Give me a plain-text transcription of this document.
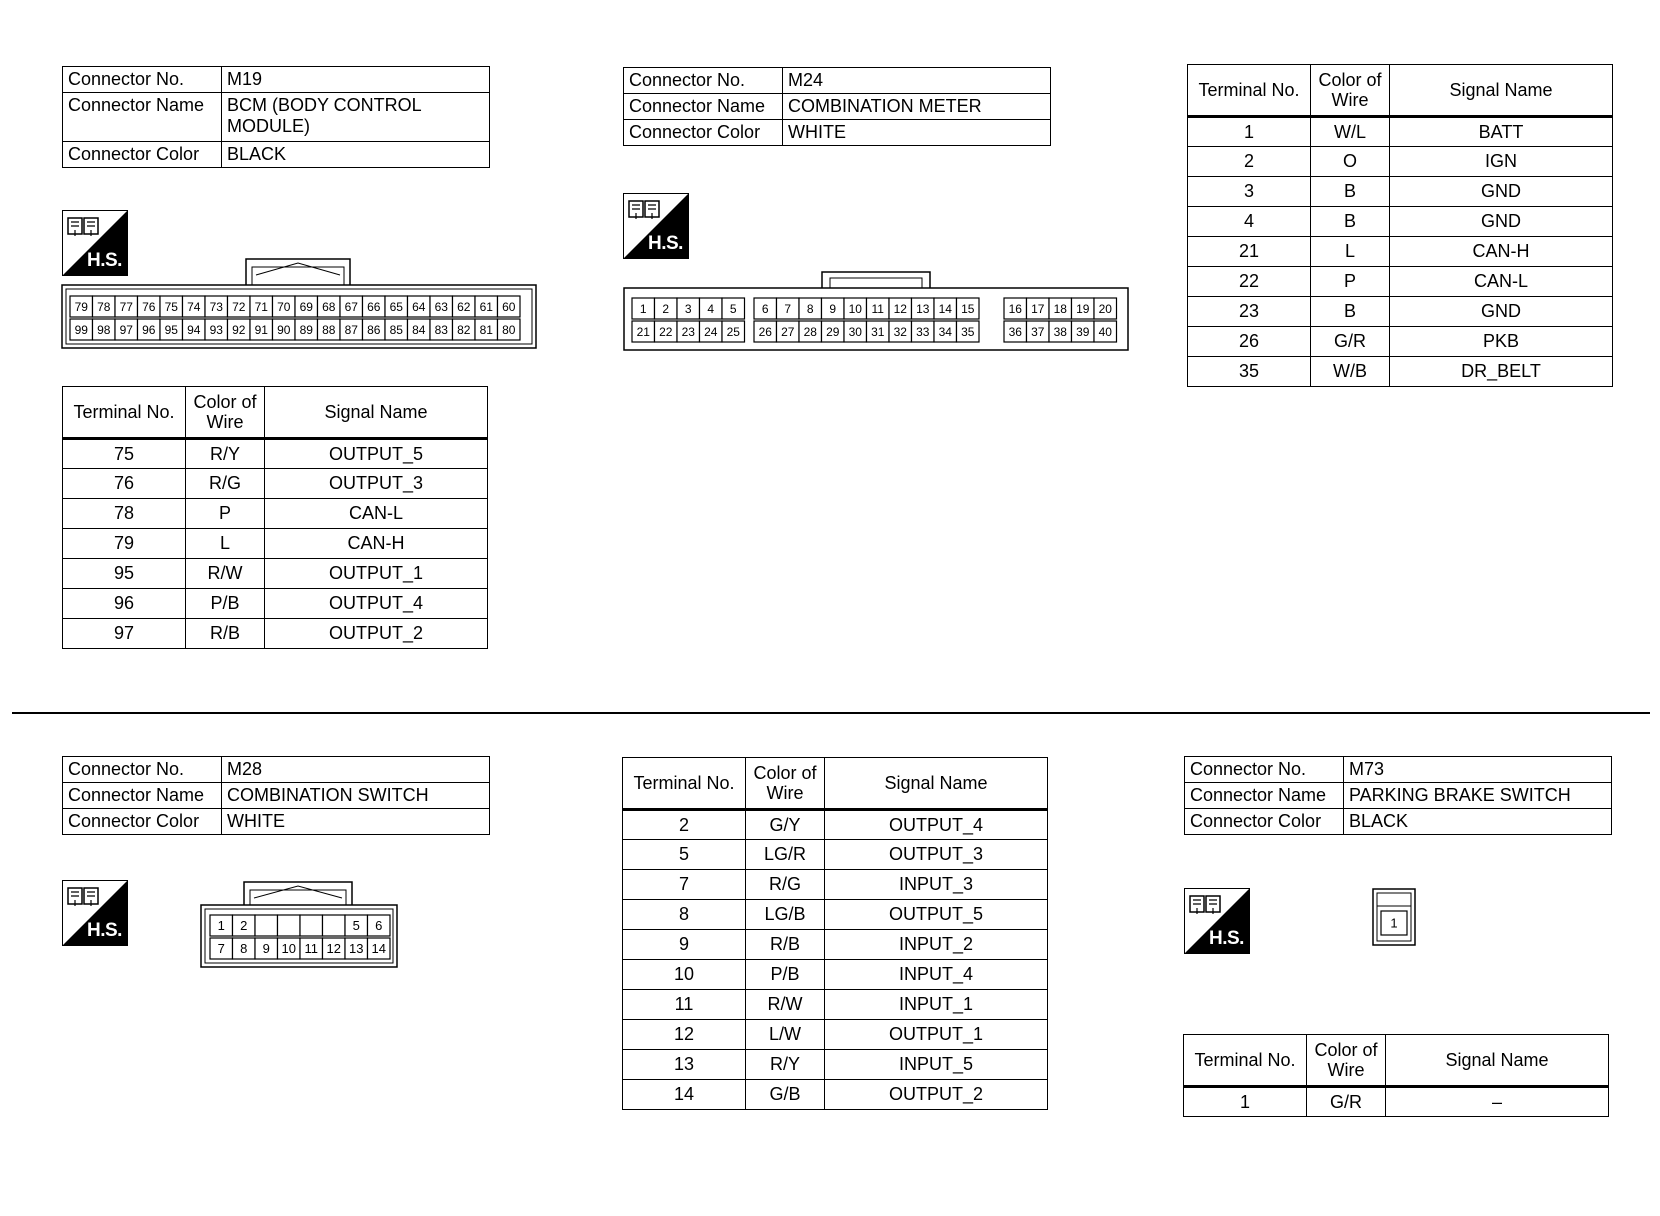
Connector No.	M19
Connector Name	BCM (BODY CONTROL MODULE)
Connector Color	BLACK
H.S.
79 78 77 76 75 74 73 72 71 70 69 68 67 66 65 64 63 62 61 60
99 98 97 96 95 94 93 92 91 90 89 88 87 86 85 84 83 82 81 80
Terminal No.	Color of Wire	Signal Name
75	R/Y	OUTPUT_5
76	R/G	OUTPUT_3
78	P	CAN-L
79	L	CAN-H
95	R/W	OUTPUT_1
96	P/B	OUTPUT_4
97	R/B	OUTPUT_2
Connector No.	M24
Connector Name	COMBINATION METER
Connector Color	WHITE
H.S.
1 2 3 4 5 6 7 8 9 10 11 12 13 14 15	16 17 18 19 20
21 22 23 24 25 26 27 28 29 30 31 32 33 34 35	36 37 38 39 40
Terminal No.	Color of Wire	Signal Name
1	W/L	BATT
2	O	IGN
3	B	GND
4	B	GND
21	L	CAN-H
22	P	CAN-L
23	B	GND
26	G/R	PKB
35	W/B	DR_BELT
Connector No.	M28
Connector Name	COMBINATION SWITCH
Connector Color	WHITE
H.S.	1 2	5 6
7 8 9 10 11 12 13 14
Terminal No.	Color of Wire	Signal Name
2	G/Y	OUTPUT_4
5	LG/R	OUTPUT_3
7	R/G	INPUT_3
8	LG/B	OUTPUT_5
9	R/B	INPUT_2
10	P/B	INPUT_4
11	R/W	INPUT_1
12	L/W	OUTPUT_1
13	R/Y	INPUT_5
14	G/B	OUTPUT_2
Connector No.	M73
Connector Name	PARKING BRAKE SWITCH
Connector Color	BLACK
H.S.
1
Terminal No.	Color of Wire	Signal Name
1	G/R	–
